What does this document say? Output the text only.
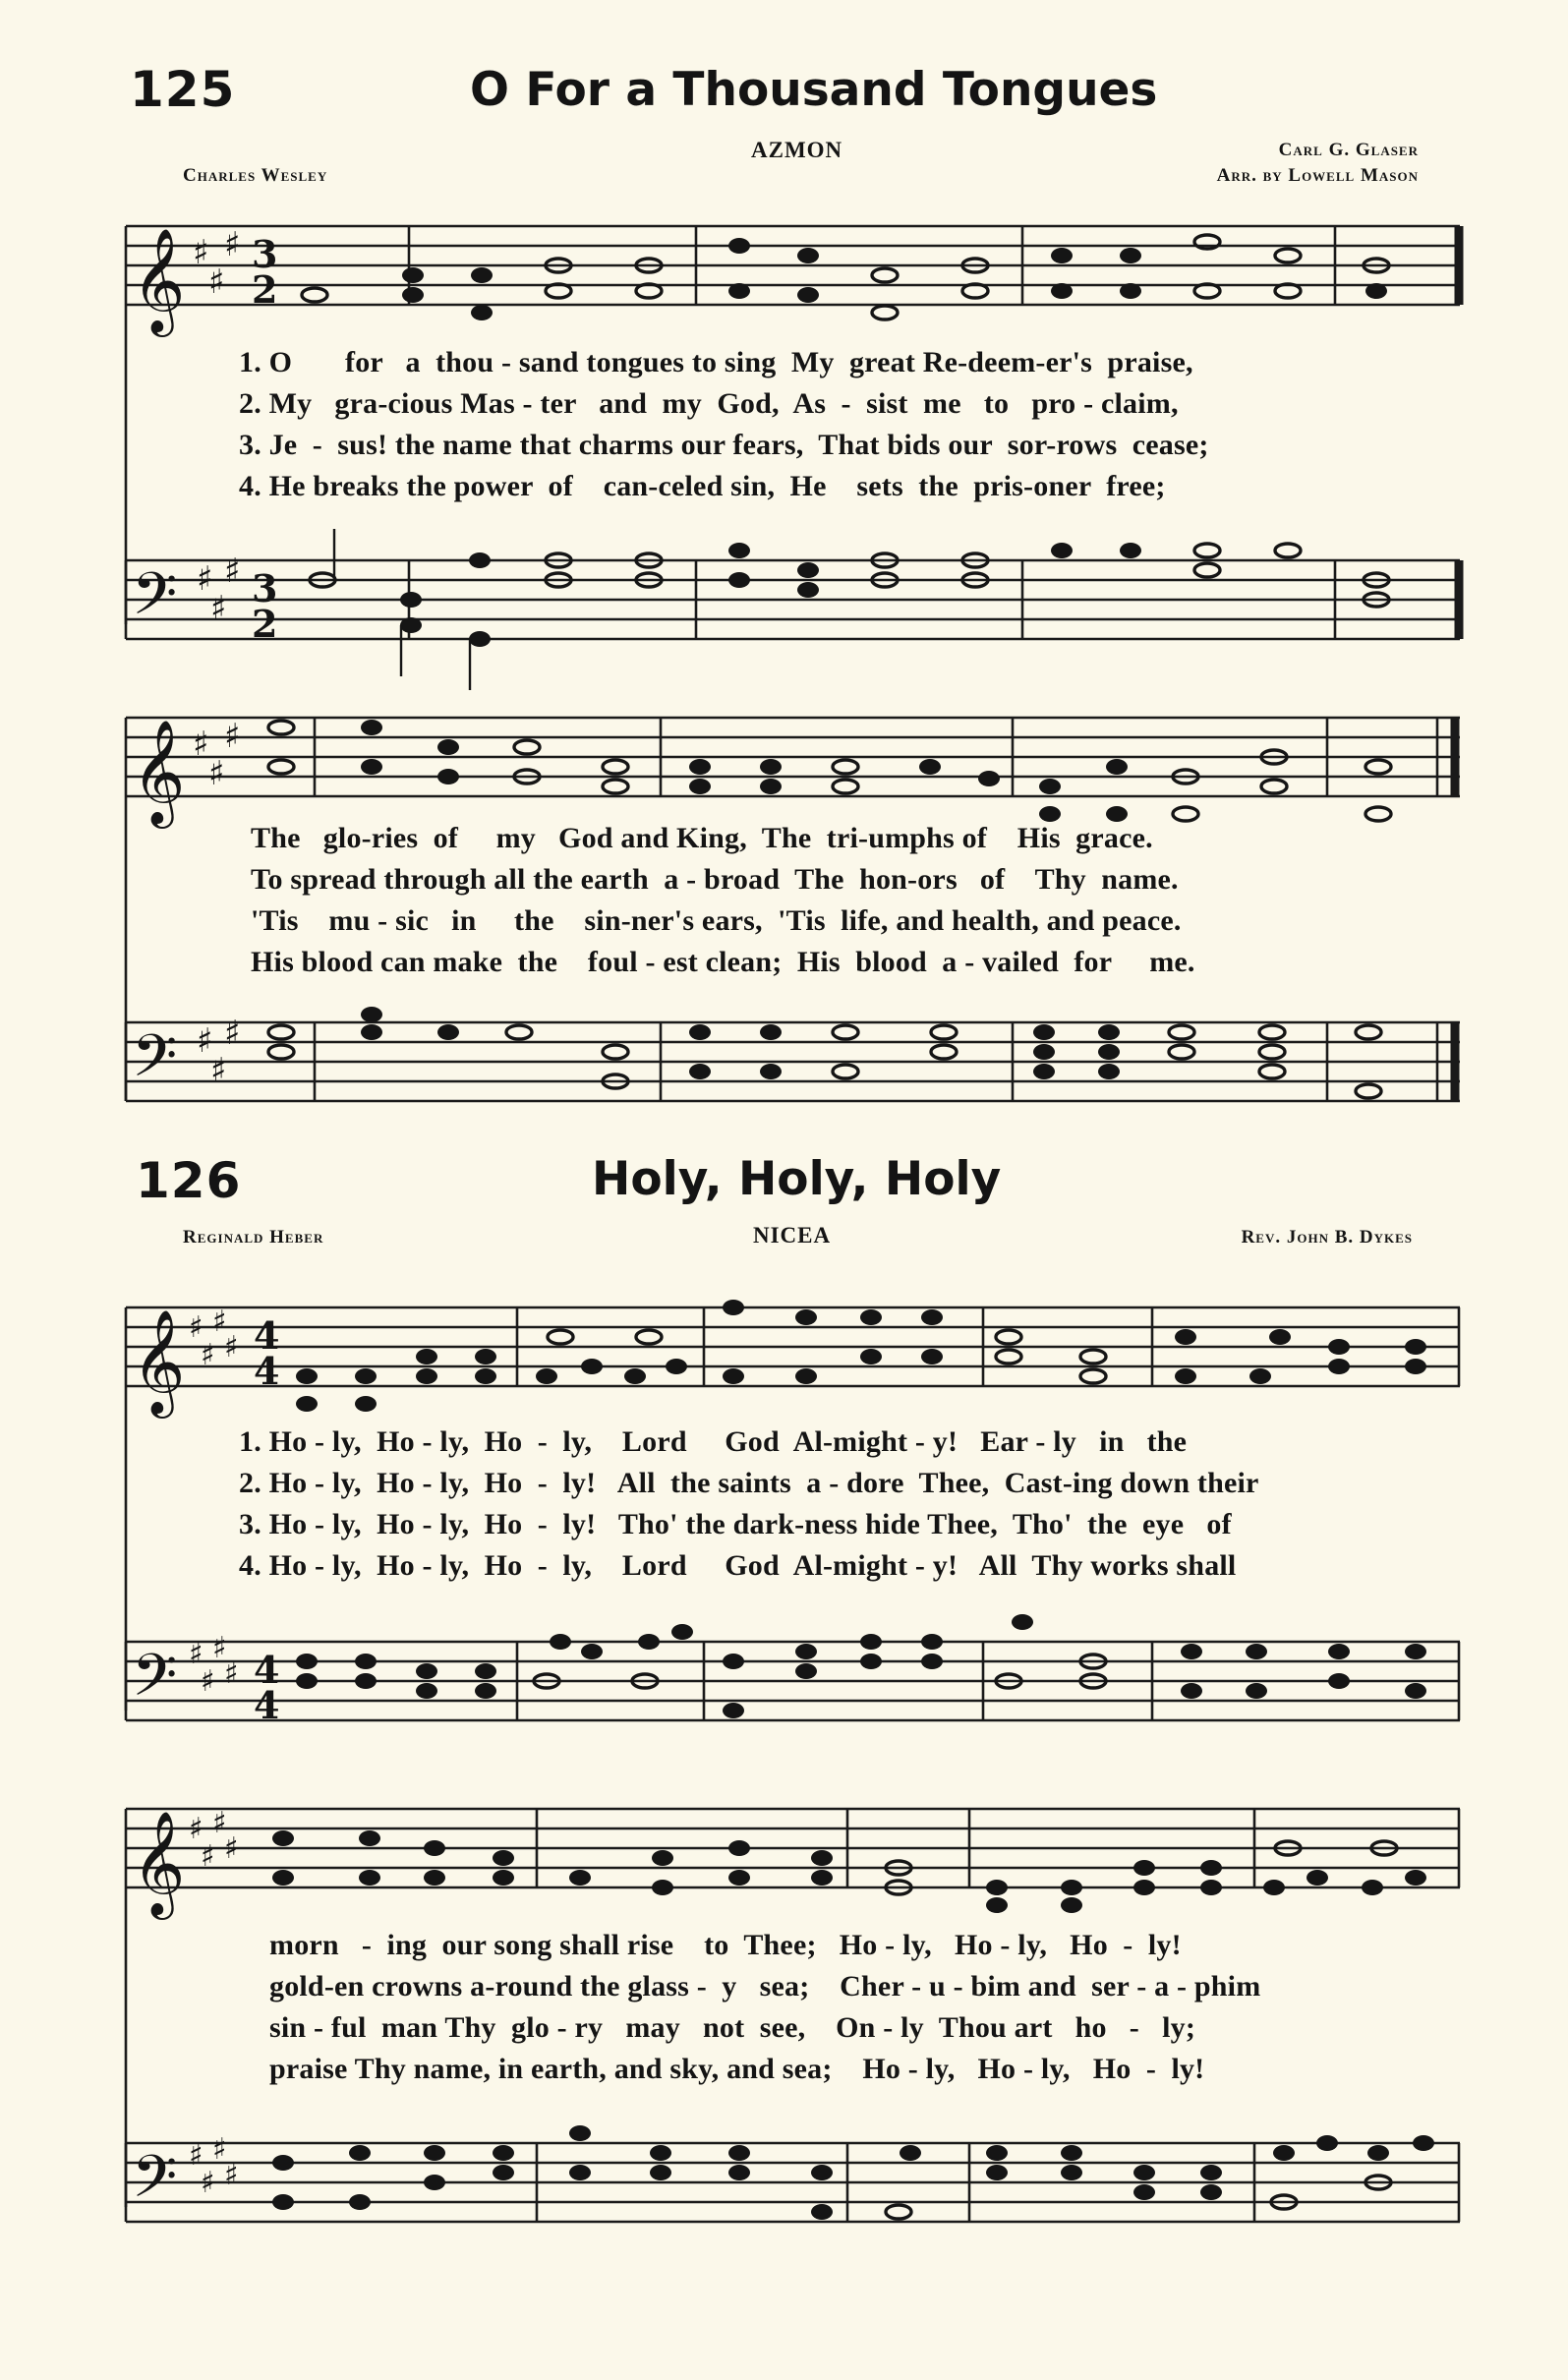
125	O For a Thousand Tongues
AZMON
Charles Wesley
Carl G. Glaser
Arr. by Lowell Mason
𝄞 ♯
♯
♯ 3
2
1. O       for   a  thou - sand tongues to sing  My  great Re-deem-er's  praise,
2. My   gra-cious Mas - ter   and  my  God,  As  -  sist  me   to   pro - claim,
3. Je  -  sus! the name that charms our fears,  That bids our  sor-rows  cease;
4. He breaks the power  of    can-celed sin,  He    sets  the  pris-oner  free;
𝄢 ♯
♯
♯ 3
2
𝄞 ♯
♯
♯
The   glo-ries  of     my   God and King,  The  tri-umphs of    His  grace.
To spread through all the earth  a - broad  The  hon-ors   of    Thy  name.
'Tis    mu - sic   in     the    sin-ner's ears,  'Tis  life, and health, and peace.
His blood can make  the    foul - est clean;  His  blood  a - vailed  for     me.
𝄢 ♯
♯
♯
126	Holy, Holy, Holy
Reginald Heber	NICEA	Rev. John B. Dykes
𝄞 ♯
♯
♯
♯ 4
4
1. Ho - ly,  Ho - ly,  Ho  -  ly,    Lord     God  Al-might - y!   Ear - ly   in   the
2. Ho - ly,  Ho - ly,  Ho  -  ly!   All  the saints  a - dore  Thee,  Cast-ing down their
3. Ho - ly,  Ho - ly,  Ho  -  ly!   Tho' the dark-ness hide Thee,  Tho'  the  eye   of
4. Ho - ly,  Ho - ly,  Ho  -  ly,    Lord     God  Al-might - y!   All  Thy works shall
𝄢 ♯
♯
♯
♯ 4
4
𝄞 ♯
♯
♯
♯
morn   -  ing  our song shall rise    to  Thee;   Ho - ly,   Ho - ly,   Ho  -  ly!
gold-en crowns a-round the glass -  y   sea;    Cher - u - bim and  ser - a - phim
sin - ful  man Thy  glo - ry   may   not  see,    On - ly  Thou art   ho   -   ly;
praise Thy name, in earth, and sky, and sea;    Ho - ly,   Ho - ly,   Ho  -  ly!
𝄢 ♯
♯
♯
♯
